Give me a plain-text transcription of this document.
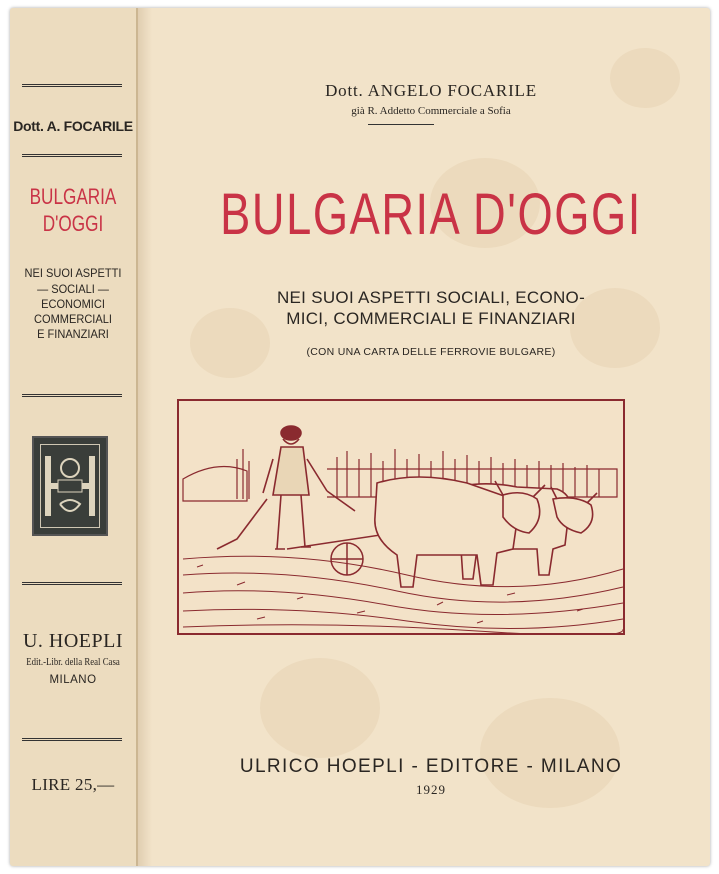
Dott. A. FOCARILE
BULGARIA
D'OGGI
NEI SUOI ASPETTI
— SOCIALI —
ECONOMICI
COMMERCIALI
E FINANZIARI
U. HOEPLI
Edit.-Libr. della Real Casa
MILANO
LIRE 25,—
Dott. ANGELO FOCARILE
già R. Addetto Commerciale a Sofia
BULGARIA D'OGGI
NEI SUOI ASPETTI SOCIALI, ECONO-
MICI, COMMERCIALI E FINANZIARI
(CON UNA CARTA DELLE FERROVIE BULGARE)
ULRICO HOEPLI - EDITORE - MILANO
1929
